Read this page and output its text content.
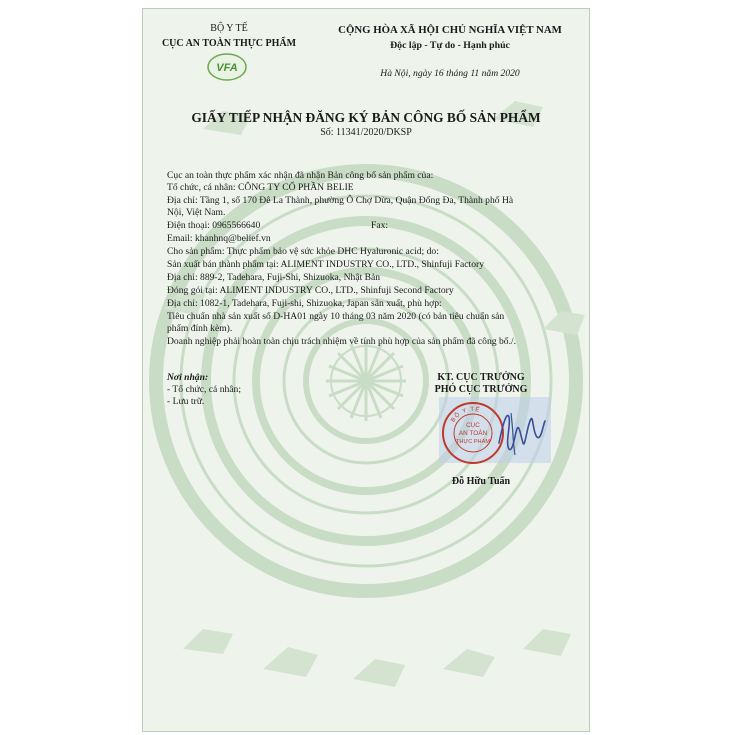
BỘ Y TẾ
CỤC AN TOÀN THỰC PHẨM
VFA
CỘNG HÒA XÃ HỘI CHỦ NGHĨA VIỆT NAM
Độc lập - Tự do - Hạnh phúc
Hà Nội, ngày 16 tháng 11 năm 2020
GIẤY TIẾP NHẬN ĐĂNG KÝ BẢN CÔNG BỐ SẢN PHẨM
Số: 11341/2020/DKSP
Cục an toàn thực phẩm xác nhận đã nhận Bản công bố sản phẩm của:
Tổ chức, cá nhân: CÔNG TY CỔ PHẦN BELIE
Địa chỉ: Tầng 1, số 170 Đê La Thành, phường Ô Chợ Dừa, Quận Đống Đa, Thành phố Hà
Nội, Việt Nam.
Điện thoại: 0965566640	Fax:
Email: khanhnq@belief.vn
Cho sản phẩm: Thực phẩm bảo vệ sức khỏe DHC Hyaluronic acid; do:
Sản xuất bán thành phẩm tại: ALIMENT INDUSTRY CO., LTD., Shinfuji Factory
Địa chỉ: 889-2, Tadehara, Fuji-Shi, Shizuoka, Nhật Bản
Đóng gói tại: ALIMENT INDUSTRY CO., LTD., Shinfuji Second Factory
Địa chỉ: 1082-1, Tadehara, Fuji-shi, Shizuoka, Japan sản xuất, phù hợp:
Tiêu chuẩn nhà sản xuất số D-HA01 ngày 10 tháng 03 năm 2020 (có bản tiêu chuẩn sản
phẩm đính kèm).
Doanh nghiệp phải hoàn toàn chịu trách nhiệm về tính phù hợp của sản phẩm đã công bố./.
Nơi nhận:
- Tổ chức, cá nhân;
- Lưu trữ.
KT. CỤC TRƯỞNG
PHÓ CỤC TRƯỞNG
BỘ Y TẾ
CỤC
AN TOÀN
THỰC PHẨM
Đỗ Hữu Tuấn
